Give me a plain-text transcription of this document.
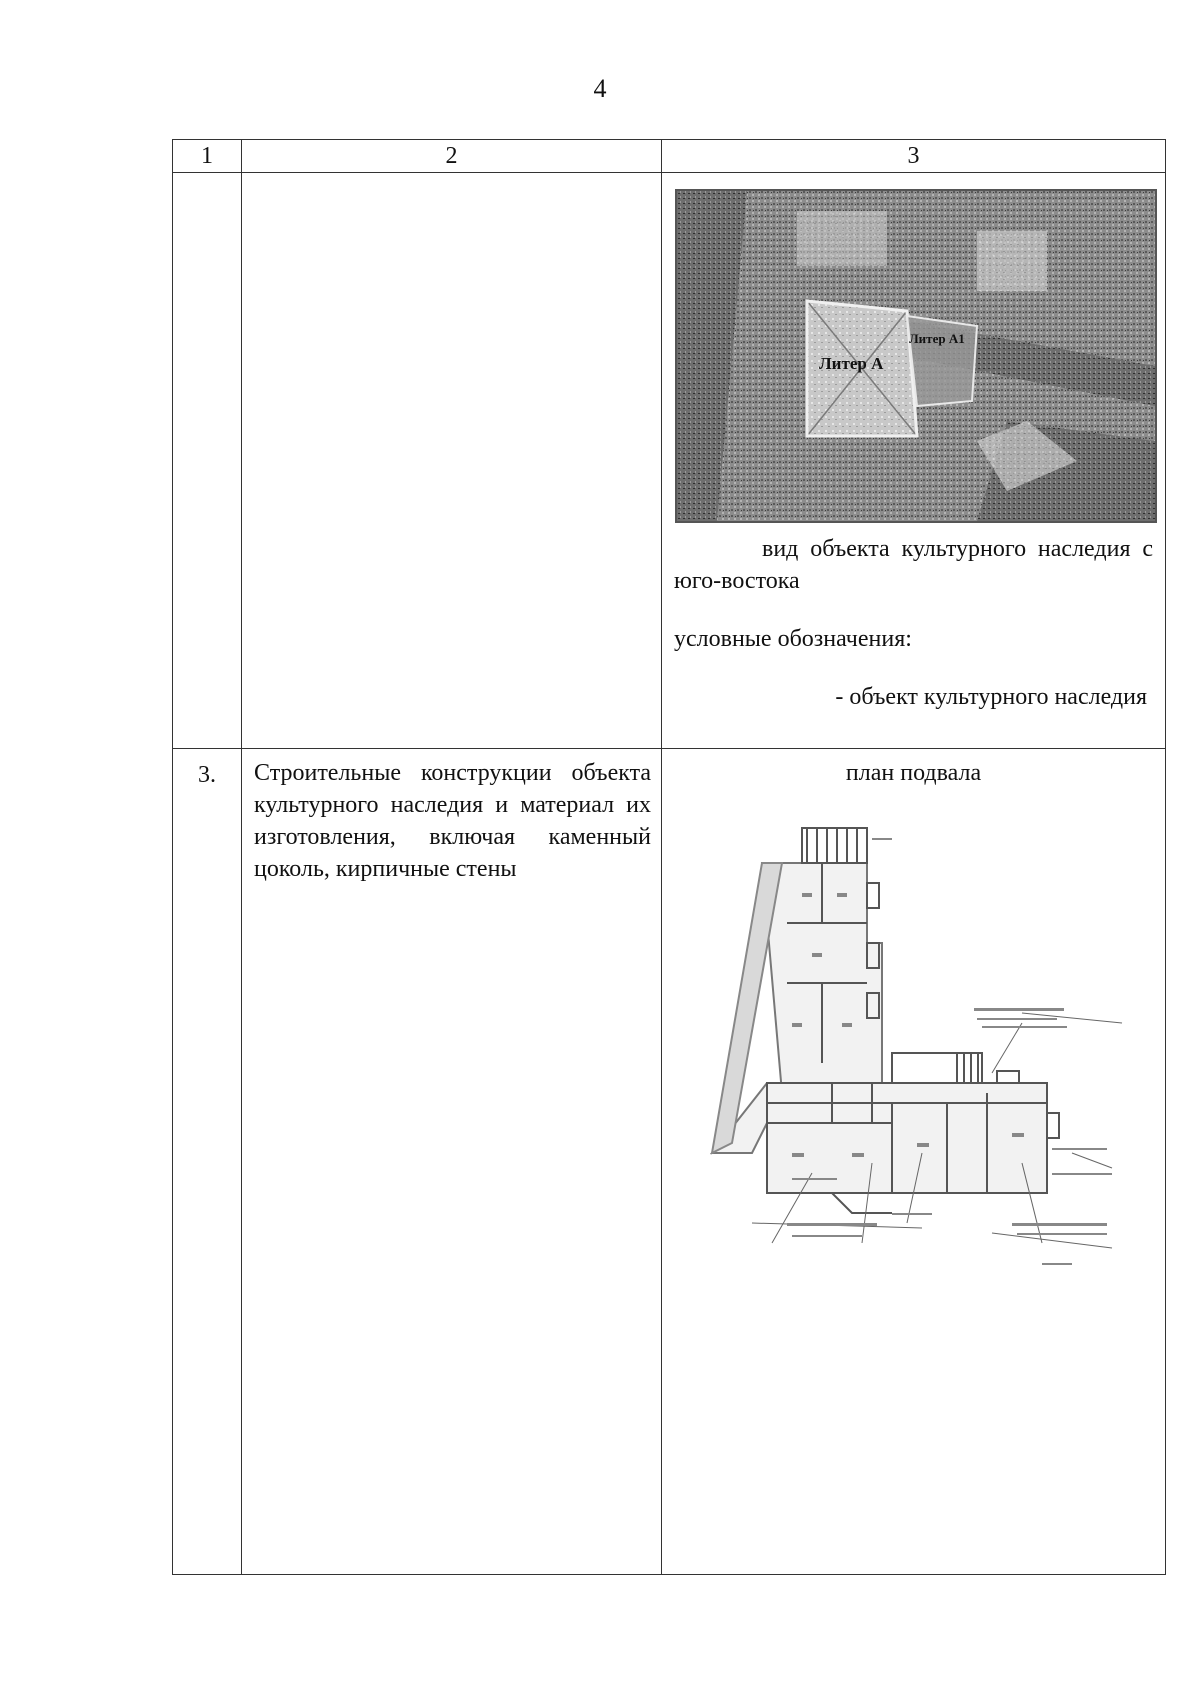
4
1	2	3

Литер А
Литер А1
вид объекта культурного наследия с юго-востока
условные обозначения:
- объект культурного наследия

3.	Строительные конструкции объекта культурного наследия и материал их изготовления, включая каменный цоколь, кирпичные стены	план подвала
